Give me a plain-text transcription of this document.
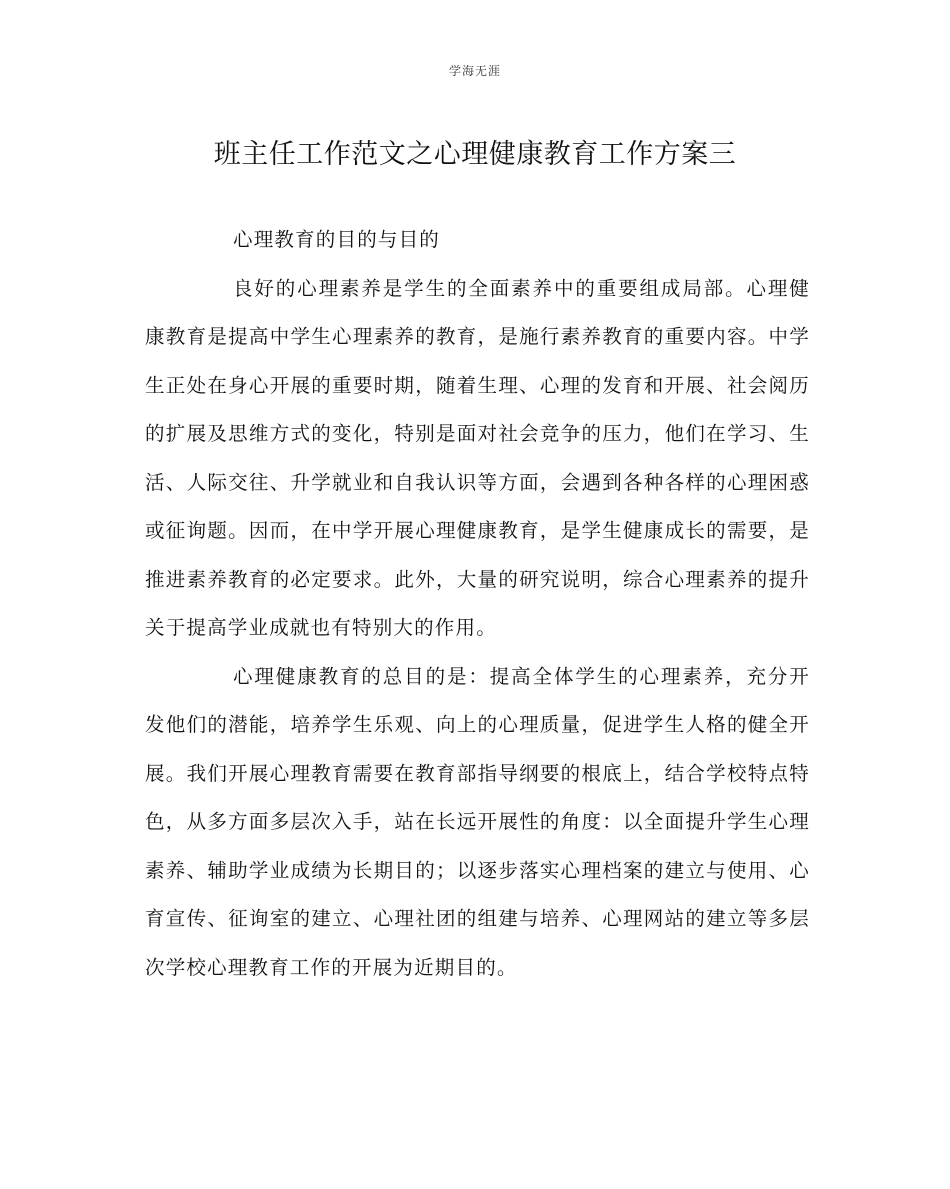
学海无涯
班主任工作范文之心理健康教育工作方案三

心理教育的目的与目的

良好的心理素养是学生的全面素养中的重要组成局部。心理健康教育是提高中学生心理素养的教育，是施行素养教育的重要内容。中学生正处在身心开展的重要时期，随着生理、心理的发育和开展、社会阅历的扩展及思维方式的变化，特别是面对社会竞争的压力，他们在学习、生活、人际交往、升学就业和自我认识等方面，会遇到各种各样的心理困惑或征询题。因而，在中学开展心理健康教育，是学生健康成长的需要，是推进素养教育的必定要求。此外，大量的研究说明，综合心理素养的提升关于提高学业成就也有特别大的作用。

心理健康教育的总目的是：提高全体学生的心理素养，充分开发他们的潜能，培养学生乐观、向上的心理质量，促进学生人格的健全开展。我们开展心理教育需要在教育部指导纲要的根底上，结合学校特点特色，从多方面多层次入手，站在长远开展性的角度：以全面提升学生心理素养、辅助学业成绩为长期目的；以逐步落实心理档案的建立与使用、心育宣传、征询室的建立、心理社团的组建与培养、心理网站的建立等多层次学校心理教育工作的开展为近期目的。
